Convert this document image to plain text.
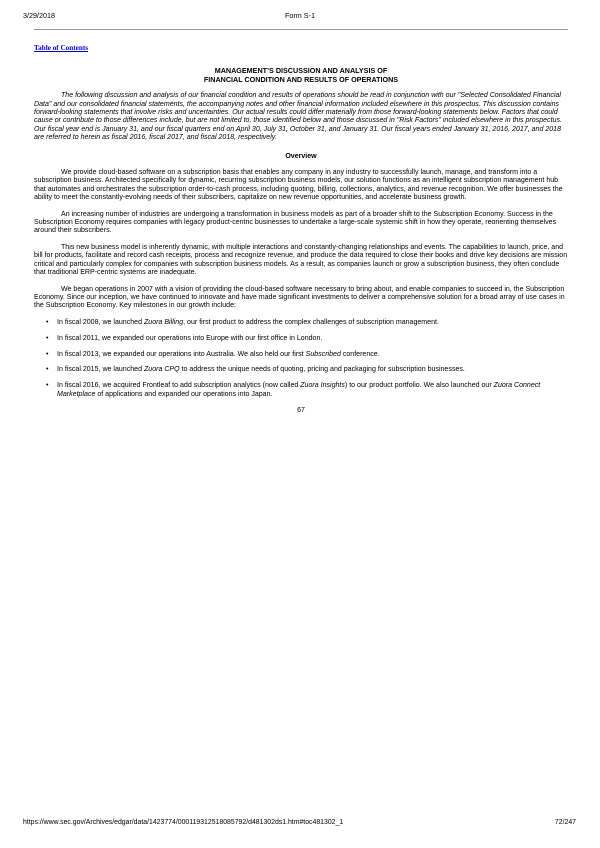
3/29/2018	Form S-1
Table of Contents
MANAGEMENT’S DISCUSSION AND ANALYSIS OF
FINANCIAL CONDITION AND RESULTS OF OPERATIONS

The following discussion and analysis of our financial condition and results of operations should be read in conjunction with our "Selected Consolidated Financial Data" and our consolidated financial statements, the accompanying notes and other financial information included elsewhere in this prospectus. This discussion contains forward-looking statements that involve risks and uncertainties. Our actual results could differ materially from those forward-looking statements below. Factors that could cause or contribute to those differences include, but are not limited to, those identified below and those discussed in "Risk Factors" included elsewhere in this prospectus. Our fiscal year end is January 31, and our fiscal quarters end on April 30, July 31, October 31, and January 31. Our fiscal years ended January 31, 2016, 2017, and 2018 are referred to herein as fiscal 2016, fiscal 2017, and fiscal 2018, respectively.

Overview

We provide cloud-based software on a subscription basis that enables any company in any industry to successfully launch, manage, and transform into a subscription business. Architected specifically for dynamic, recurring subscription business models, our solution functions as an intelligent subscription management hub that automates and orchestrates the subscription order-to-cash process, including quoting, billing, collections, analytics, and revenue recognition. We offer businesses the ability to meet the constantly-evolving needs of their subscribers, capitalize on new revenue opportunities, and accelerate business growth.

An increasing number of industries are undergoing a transformation in business models as part of a broader shift to the Subscription Economy. Success in the Subscription Economy requires companies with legacy product-centric businesses to undertake a large-scale systemic shift in how they operate, reorienting themselves around their subscribers.

This new business model is inherently dynamic, with multiple interactions and constantly-changing relationships and events. The capabilities to launch, price, and bill for products, facilitate and record cash receipts, process and recognize revenue, and produce the data required to close their books and drive key decisions are mission critical and particularly complex for companies with subscription business models. As a result, as companies launch or grow a subscription business, they often conclude that traditional ERP-centric systems are inadequate.

We began operations in 2007 with a vision of providing the cloud-based software necessary to bring about, and enable companies to succeed in, the Subscription Economy. Since our inception, we have continued to innovate and have made significant investments to deliver a comprehensive solution for a broad array of use cases in the Subscription Economy. Key milestones in our growth include:

• In fiscal 2008, we launched Zuora Billing, our first product to address the complex challenges of subscription management.
• In fiscal 2011, we expanded our operations into Europe with our first office in London.
• In fiscal 2013, we expanded our operations into Australia. We also held our first Subscribed conference.
• In fiscal 2015, we launched Zuora CPQ to address the unique needs of quoting, pricing and packaging for subscription businesses.
• In fiscal 2016, we acquired Frontleaf to add subscription analytics (now called Zuora Insights) to our product portfolio. We also launched our Zuora Connect Marketplace of applications and expanded our operations into Japan.
67
https://www.sec.gov/Archives/edgar/data/1423774/000119312518085792/d481302ds1.htm#toc481302_1	72/247
